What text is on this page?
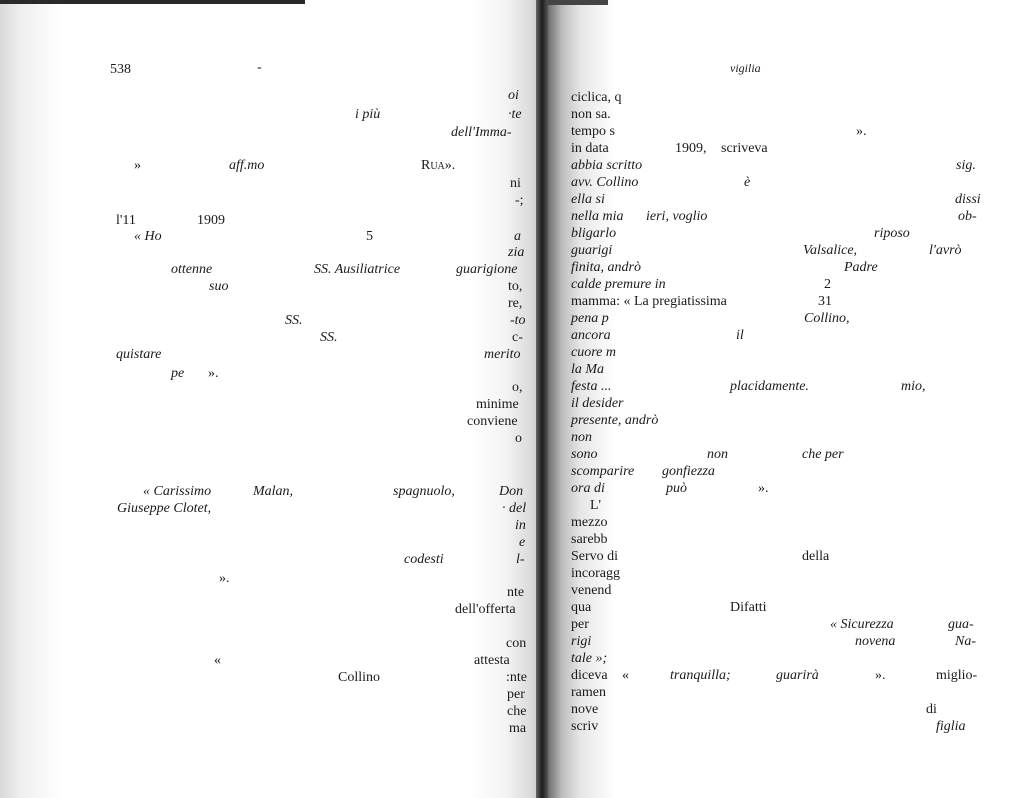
538	-
oi
i più	·te
dell'Imma-
»	aff.mo	Rua».
ni
-;
l'11	1909
a
« Ho	5
zia
ottenne	SS. Ausiliatrice	guarigione
suo	to,
re,
SS.	-to
SS.	c-
quistare	merito
pe ».
o,
minime
conviene
o
« Carissimo	Malan,	spagnuolo,	Don
Giuseppe Clotet,	· del
in
e
codesti	l-
».
nte
dell'offerta
con
«	attesta
Collino	:nte
per
che
ma
vigilia
ciclica, q
non sa.
tempo s	».
in data	1909, scriveva
abbia scritto	sig.
avv. Collino	è
ella si	dissi
nella mia ieri, voglio	ob-
bligarlo	riposo
guarigi	Valsalice,	l'avrò
finita, andrò	Padre
calde premure in	2
mamma: « La pregiatissima	31
pena p	Collino,
ancora	il
cuore m
la Ma
festa ...	placidamente.	mio,
il desider
presente, andrò
non
sono	non	che per
scomparire gonfiezza
ora di	può	».
L'
mezzo
sarebb
Servo di	della
incoragg
venend
qua	Difatti
per	« Sicurezza	gua-
rigi	novena	Na-
tale »;
diceva «	tranquilla;	guarirà	».	miglio-
ramen
nove	di
scriv	figlia
